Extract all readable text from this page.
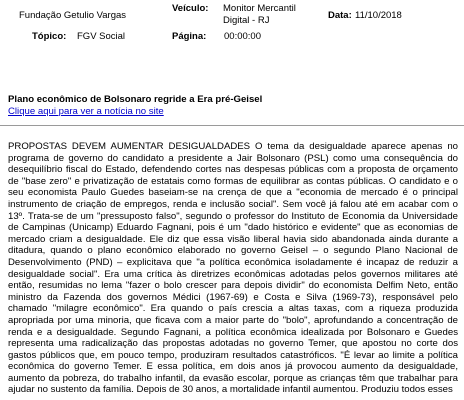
Fundação Getulio Vargas
Veículo: Monitor Mercantil Digital - RJ	Data: 11/10/2018
Tópico: FGV Social	Página: 00:00:00
Plano econômico de Bolsonaro regride a Era pré-Geisel
Clique aqui para ver a notícia no site
PROPOSTAS DEVEM AUMENTAR DESIGUALDADES O tema da desigualdade aparece apenas no programa de governo do candidato a presidente a Jair Bolsonaro (PSL) como uma consequência do desequilíbrio fiscal do Estado, defendendo cortes nas despesas públicas com a proposta de orçamento de "base zero" e privatização de estatais como formas de equilibrar as contas públicas. O candidato e o seu economista Paulo Guedes baseiam-se na crença de que a "economia de mercado é o principal instrumento de criação de empregos, renda e inclusão social". Sem você já falou até em acabar com o 13º. Trata-se de um "pressuposto falso", segundo o professor do Instituto de Economia da Universidade de Campinas (Unicamp) Eduardo Fagnani, pois é um "dado histórico e evidente" que as economias de mercado criam a desigualdade. Ele diz que essa visão liberal havia sido abandonada ainda durante a ditadura, quando o plano econômico elaborado no governo Geisel – o segundo Plano Nacional de Desenvolvimento (PND) – explicitava que "a política econômica isoladamente é incapaz de reduzir a desigualdade social". Era uma crítica às diretrizes econômicas adotadas pelos governos militares até então, resumidas no lema "fazer o bolo crescer para depois dividir" do economista Delfim Neto, então ministro da Fazenda dos governos Médici (1967-69) e Costa e Silva (1969-73), responsável pelo chamado "milagre econômico". Era quando o país crescia a altas taxas, com a riqueza produzida apropriada por uma minoria, que ficava com a maior parte do "bolo", aprofundando a concentração de renda e a desigualdade. Segundo Fagnani, a política econômica idealizada por Bolsonaro e Guedes representa uma radicalização das propostas adotadas no governo Temer, que apostou no corte dos gastos públicos que, em pouco tempo, produziram resultados catastróficos. "É levar ao limite a política econômica do governo Temer. E essa política, em dois anos já provocou aumento da desigualdade, aumento da pobreza, do trabalho infantil, da evasão escolar, porque as crianças têm que trabalhar para ajudar no sustento da família. Depois de 30 anos, a mortalidade infantil aumentou. Produziu todos esses
